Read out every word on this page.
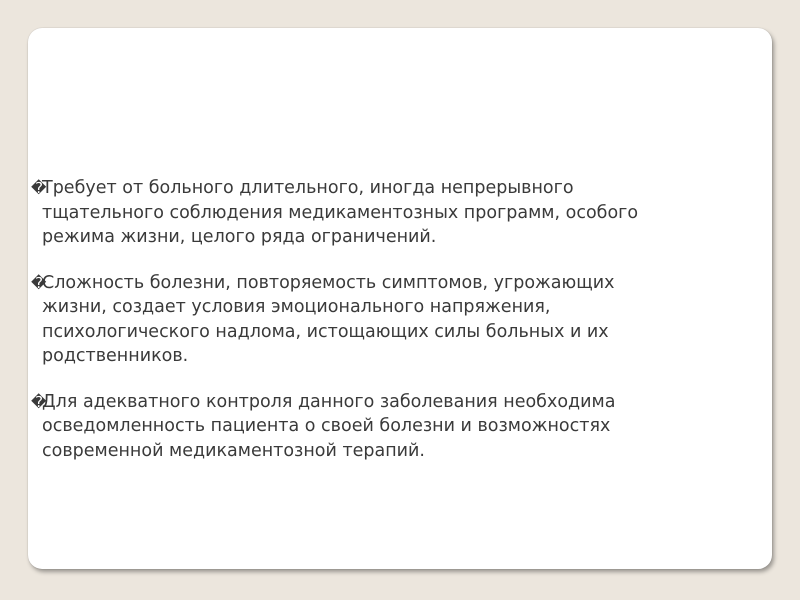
�
Требует от больного длительного, иногда непрерывного
тщательного соблюдения медикаментозных программ, особого
режима жизни, целого ряда ограничений.
�
Сложность болезни, повторяемость симптомов, угрожающих
жизни, создает условия эмоционального напряжения,
психологического надлома, истощающих силы больных и их
родственников.
�
Для адекватного контроля данного заболевания необходима
осведомленность пациента о своей болезни и возможностях
современной медикаментозной терапий.
